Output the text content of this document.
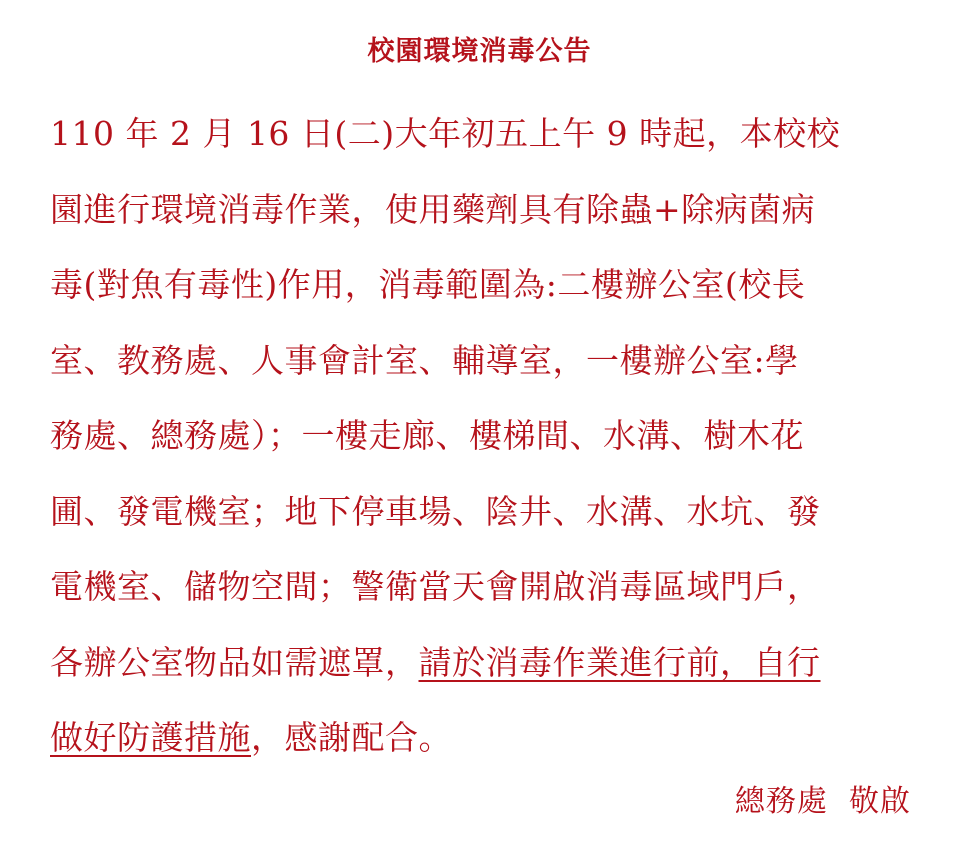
校園環境消毒公告
110 年 2 月 16 日(二)大年初五上午 9 時起，本校校
園進行環境消毒作業，使用藥劑具有除蟲+除病菌病
毒(對魚有毒性)作用，消毒範圍為:二樓辦公室(校長
室、教務處、人事會計室、輔導室，一樓辦公室:學
務處、總務處）；一樓走廊、樓梯間、水溝、樹木花
圃、發電機室；地下停車場、陰井、水溝、水坑、發
電機室、儲物空間；警衛當天會開啟消毒區域門戶，
各辦公室物品如需遮罩，請於消毒作業進行前，自行
做好防護措施，感謝配合。
總務處  敬啟
